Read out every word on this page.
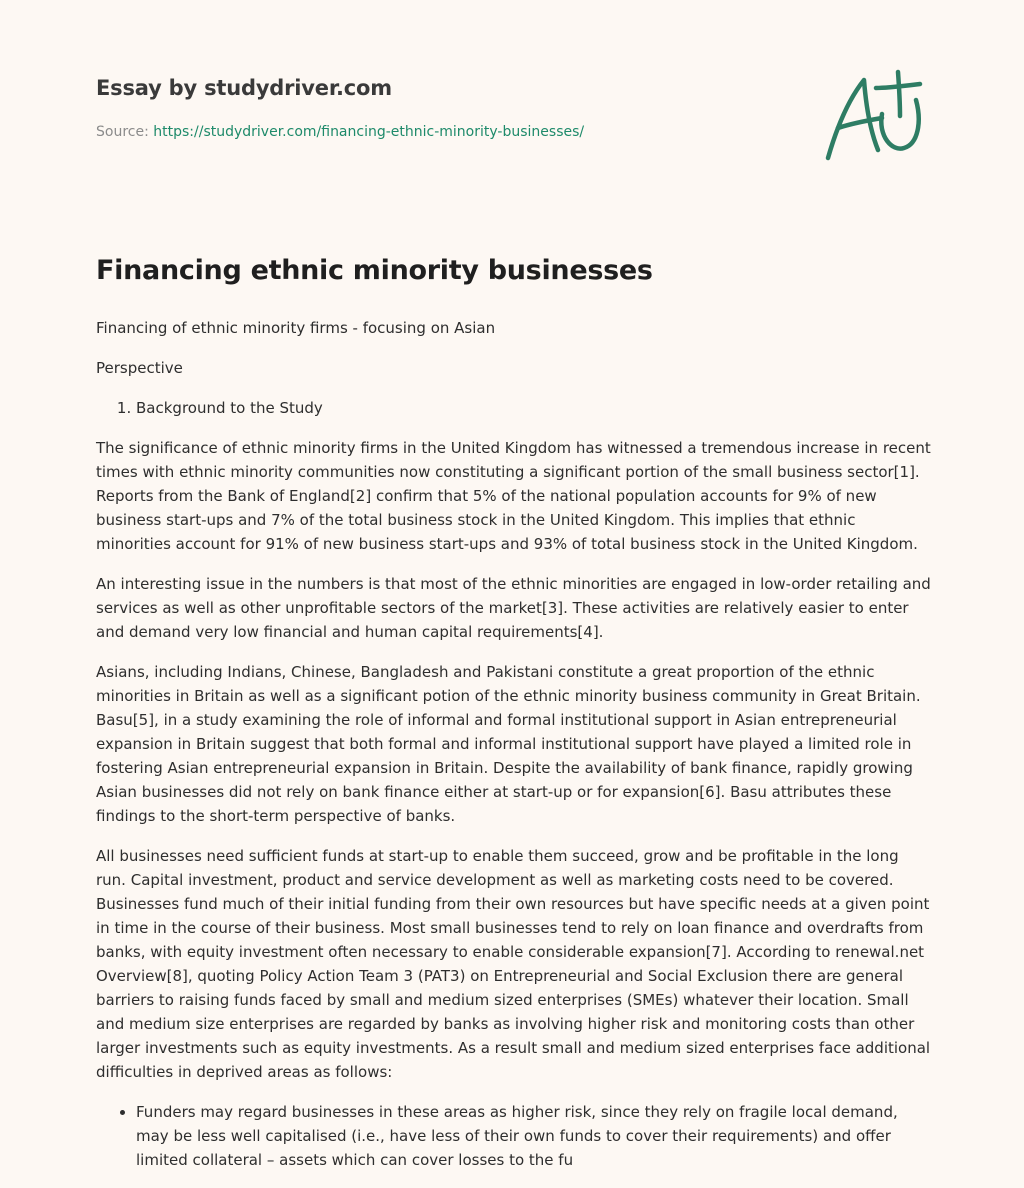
Essay by studydriver.com
Source: https://studydriver.com/financing-ethnic-minority-businesses/
Financing ethnic minority businesses

Financing of ethnic minority firms - focusing on Asian

Perspective

1. Background to the Study

The significance of ethnic minority firms in the United Kingdom has witnessed a tremendous increase in recent times with ethnic minority communities now constituting a significant portion of the small business sector[1]. Reports from the Bank of England[2] confirm that 5% of the national population accounts for 9% of new business start-ups and 7% of the total business stock in the United Kingdom. This implies that ethnic minorities account for 91% of new business start-ups and 93% of total business stock in the United Kingdom.

An interesting issue in the numbers is that most of the ethnic minorities are engaged in low-order retailing and services as well as other unprofitable sectors of the market[3]. These activities are relatively easier to enter and demand very low financial and human capital requirements[4].

Asians, including Indians, Chinese, Bangladesh and Pakistani constitute a great proportion of the ethnic minorities in Britain as well as a significant potion of the ethnic minority business community in Great Britain. Basu[5], in a study examining the role of informal and formal institutional support in Asian entrepreneurial expansion in Britain suggest that both formal and informal institutional support have played a limited role in fostering Asian entrepreneurial expansion in Britain. Despite the availability of bank finance, rapidly growing Asian businesses did not rely on bank finance either at start-up or for expansion[6]. Basu attributes these findings to the short-term perspective of banks.

All businesses need sufficient funds at start-up to enable them succeed, grow and be profitable in the long run. Capital investment, product and service development as well as marketing costs need to be covered. Businesses fund much of their initial funding from their own resources but have specific needs at a given point in time in the course of their business. Most small businesses tend to rely on loan finance and overdrafts from banks, with equity investment often necessary to enable considerable expansion[7]. According to renewal.net Overview[8], quoting Policy Action Team 3 (PAT3) on Entrepreneurial and Social Exclusion there are general barriers to raising funds faced by small and medium sized enterprises (SMEs) whatever their location. Small and medium size enterprises are regarded by banks as involving higher risk and monitoring costs than other larger investments such as equity investments. As a result small and medium sized enterprises face additional difficulties in deprived areas as follows:

• Funders may regard businesses in these areas as higher risk, since they rely on fragile local demand, may be less well capitalised (i.e., have less of their own funds to cover their requirements) and offer limited collateral – assets which can cover losses to the fu
